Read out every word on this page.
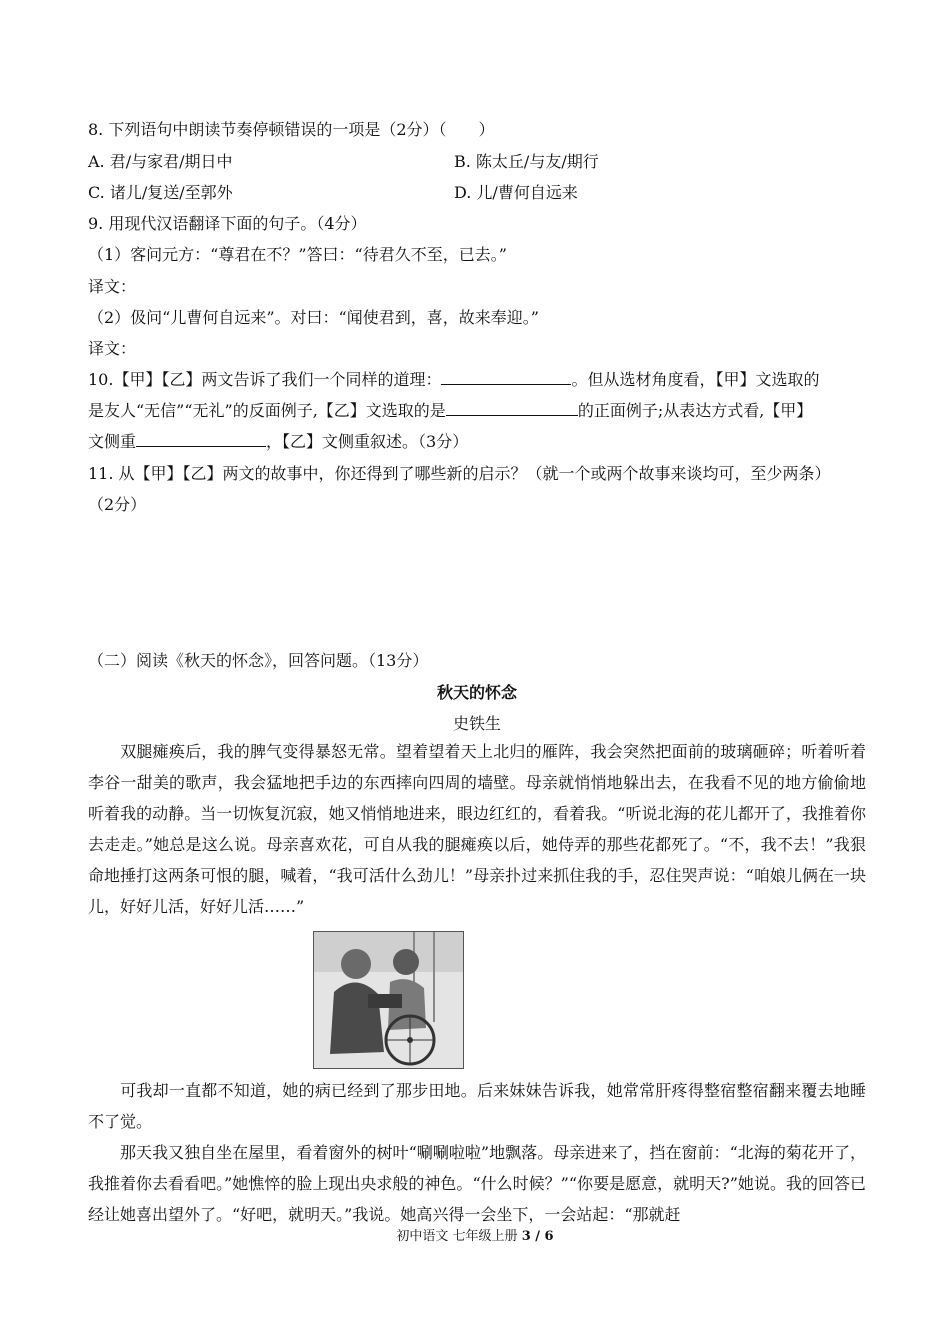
8. 下列语句中朗读节奏停顿错误的一项是（2分）（　　）
A. 君/与家君/期日中	B. 陈太丘/与友/期行
C. 诸儿/复送/至郭外	D. 儿/曹何自远来
9. 用现代汉语翻译下面的句子。（4分）
（1）客问元方：“尊君在不？”答曰：“待君久不至，已去。”
译文：
（2）伋问“儿曹何自远来”。对曰：“闻使君到，喜，故来奉迎。”
译文：
10.【甲】【乙】两文告诉了我们一个同样的道理：	。但从选材角度看，【甲】文选取的
是友人“无信”“无礼”的反面例子,【乙】文选取的是	的正面例子;从表达方式看,【甲】
文侧重	，【乙】文侧重叙述。（3分）
11. 从【甲】【乙】两文的故事中，你还得到了哪些新的启示？（就一个或两个故事来谈均可，至少两条）
（2分）
（二）阅读《秋天的怀念》，回答问题。（13分）
秋天的怀念
史铁生
双腿瘫痪后，我的脾气变得暴怒无常。望着望着天上北归的雁阵，我会突然把面前的玻璃砸碎；听着听着李谷一甜美的歌声，我会猛地把手边的东西摔向四周的墙壁。母亲就悄悄地躲出去，在我看不见的地方偷偷地听着我的动静。当一切恢复沉寂，她又悄悄地进来，眼边红红的，看着我。“听说北海的花儿都开了，我推着你去走走。”她总是这么说。母亲喜欢花，可自从我的腿瘫痪以后，她侍弄的那些花都死了。“不，我不去！”我狠命地捶打这两条可恨的腿，喊着，“我可活什么劲儿！”母亲扑过来抓住我的手，忍住哭声说：“咱娘儿俩在一块儿，好好儿活，好好儿活……”
可我却一直都不知道，她的病已经到了那步田地。后来妹妹告诉我，她常常肝疼得整宿整宿翻来覆去地睡不了觉。
那天我又独自坐在屋里，看着窗外的树叶“唰唰啦啦”地飘落。母亲进来了，挡在窗前：“北海的菊花开了，我推着你去看看吧。”她憔悴的脸上现出央求般的神色。“什么时候？”“你要是愿意，就明天?”她说。我的回答已经让她喜出望外了。“好吧，就明天。”我说。她高兴得一会坐下，一会站起：“那就赶
初中语文 七年级上册 3 / 6
